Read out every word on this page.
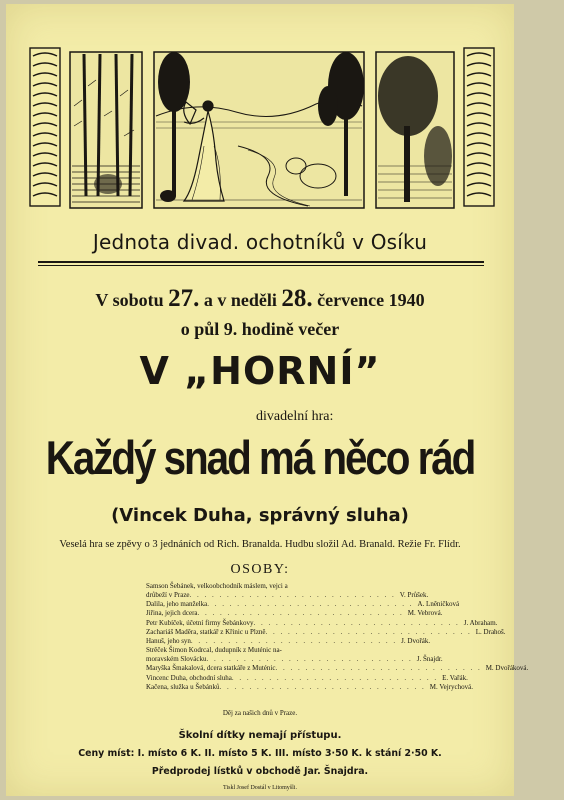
Jednota divad. ochotníků v Osíku
V sobotu 27. a v neděli 28. července 1940
o půl 9. hodině večer
V „HORNÍ”
divadelní hra:
Každý snad má něco rád
(Vincek Duha, správný sluha)
Veselá hra se zpěvy o 3 jednáních od Rich. Branalda. Hudbu složil Ad. Branald. Režie Fr. Flídr.
OSOBY:
Samson Šebánek, velkoobchodník máslem, vejci a
drůbeží v Praze . . . . . . . . . . . . . . . . . . . . . . . . . . . . V. Průšek.
Dalila, jeho manželka . . . . . . . . . . . . . . . . . . . . . . . . . . . . A. Lněničková
Jiřina, jejich dcera . . . . . . . . . . . . . . . . . . . . . . . . . . . . M. Vebrová.
Petr Kubíček, účetní firmy Šebánkovy . . . . . . . . . . . . . . . . . . . . . . . . . . . . J. Abraham.
Zachariáš Maděra, statkář z Křinic u Plzně . . . . . . . . . . . . . . . . . . . . . . . . . . . . L. Drahoš.
Hanuš, jeho syn . . . . . . . . . . . . . . . . . . . . . . . . . . . . J. Dvořák.
Strěček Šimon Kodrcal, dudupník z Muténic na-
moravském Slovácku . . . . . . . . . . . . . . . . . . . . . . . . . . . . J. Šnajdr.
Maryška Šmakalová, dcera statkáře z Muténic . . . . . . . . . . . . . . . . . . . . . . . . . . . . M. Dvořáková.
Vincenc Duha, obchodní sluha . . . . . . . . . . . . . . . . . . . . . . . . . . . . E. Vařák.
Kačena, služka u Šebánků . . . . . . . . . . . . . . . . . . . . . . . . . . . . M. Vejrychová.
Děj za našich dnů v Praze.
Školní dítky nemají přístupu.
Ceny míst: I. místo 6 K. II. místo 5 K. III. místo 3·50 K. k stání 2·50 K.
Předprodej lístků v obchodě Jar. Šnajdra.
Tiskl Josef Dostál v Litomyšli.
